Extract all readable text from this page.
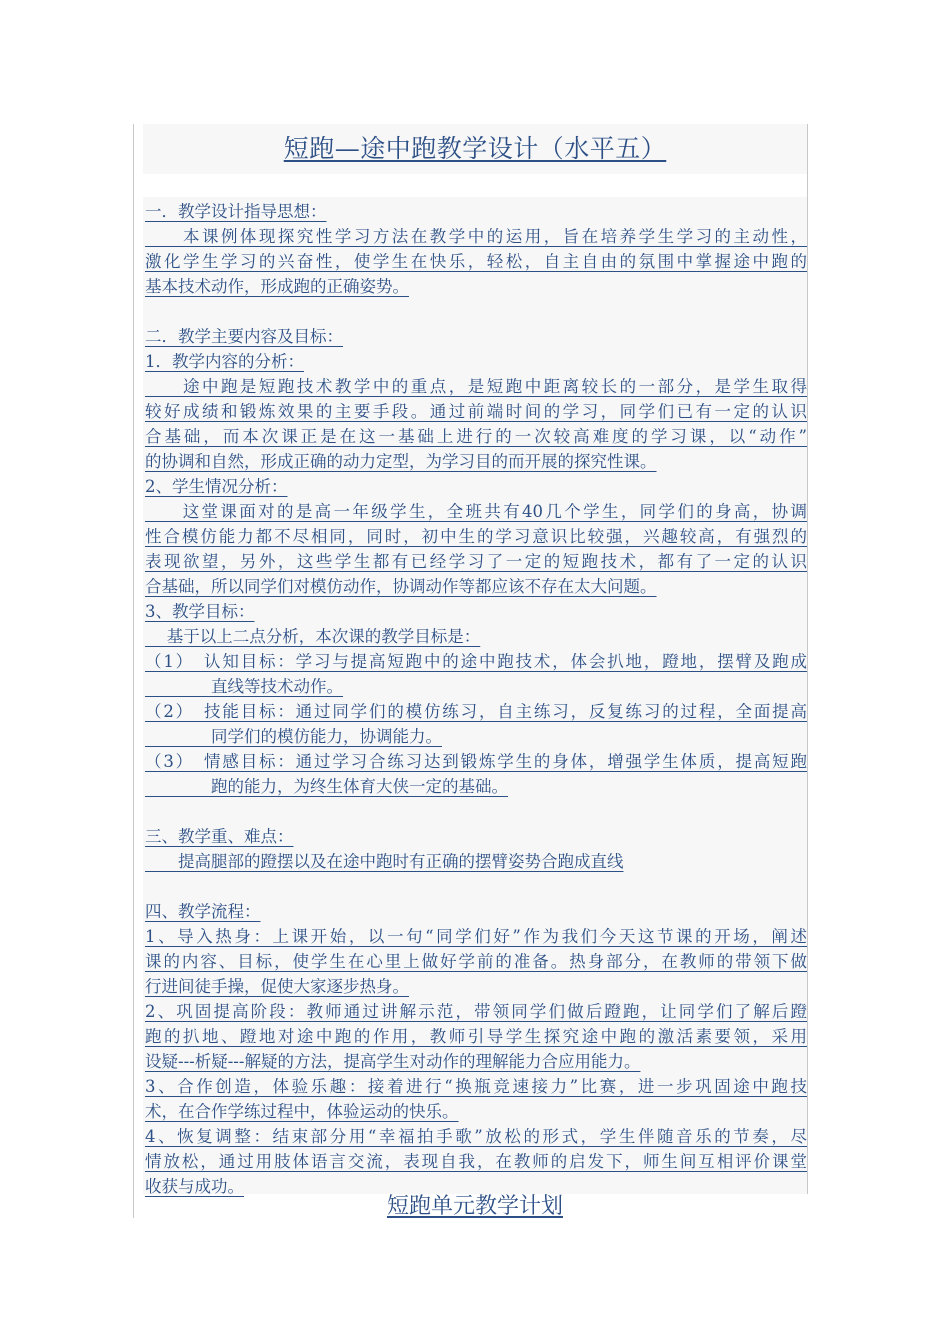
短跑—途中跑教学设计（水平五）
一．教学设计指导思想：
　　本课例体现探究性学习方法在教学中的运用，旨在培养学生学习的主动性，
激化学生学习的兴奋性，使学生在快乐，轻松，自主自由的氛围中掌握途中跑的
基本技术动作，形成跑的正确姿势。
二．教学主要内容及目标：
1．教学内容的分析：
　　途中跑是短跑技术教学中的重点，是短跑中距离较长的一部分，是学生取得
较好成绩和锻炼效果的主要手段。通过前端时间的学习，同学们已有一定的认识
合基础，而本次课正是在这一基础上进行的一次较高难度的学习课，以“动作”
的协调和自然，形成正确的动力定型，为学习目的而开展的探究性课。
2、学生情况分析：
　　这堂课面对的是高一年级学生，全班共有40几个学生，同学们的身高，协调
性合模仿能力都不尽相同，同时，初中生的学习意识比较强，兴趣较高，有强烈的
表现欲望，另外，这些学生都有已经学习了一定的短跑技术，都有了一定的认识
合基础，所以同学们对模仿动作，协调动作等都应该不存在太大问题。
3、教学目标：
　 基于以上二点分析，本次课的教学目标是：
（1）　认知目标：学习与提高短跑中的途中跑技术，体会扒地，蹬地，摆臂及跑成
　　　　直线等技术动作。
（2）　技能目标：通过同学们的模仿练习，自主练习，反复练习的过程，全面提高
　　　　同学们的模仿能力，协调能力。
（3）　情感目标：通过学习合练习达到锻炼学生的身体，增强学生体质，提高短跑
　　　　跑的能力，为终生体育大侠一定的基础。
三、教学重、难点：
　　提高腿部的蹬摆以及在途中跑时有正确的摆臂姿势合跑成直线
四、教学流程：
1、导入热身：上课开始，以一句“同学们好”作为我们今天这节课的开场，阐述
课的内容、目标，使学生在心里上做好学前的准备。热身部分，在教师的带领下做
行进间徒手操，促使大家逐步热身。
2、巩固提高阶段：教师通过讲解示范，带领同学们做后蹬跑，让同学们了解后蹬
跑的扒地、蹬地对途中跑的作用，教师引导学生探究途中跑的激活素要领，采用
设疑---析疑---解疑的方法，提高学生对动作的理解能力合应用能力。
3、合作创造，体验乐趣：接着进行“换瓶竞速接力”比赛，进一步巩固途中跑技
术，在合作学练过程中，体验运动的快乐。
4、恢复调整：结束部分用“幸福拍手歌”放松的形式，学生伴随音乐的节奏，尽
情放松，通过用肢体语言交流，表现自我，在教师的启发下，师生间互相评价课堂
收获与成功。
短跑单元教学计划
